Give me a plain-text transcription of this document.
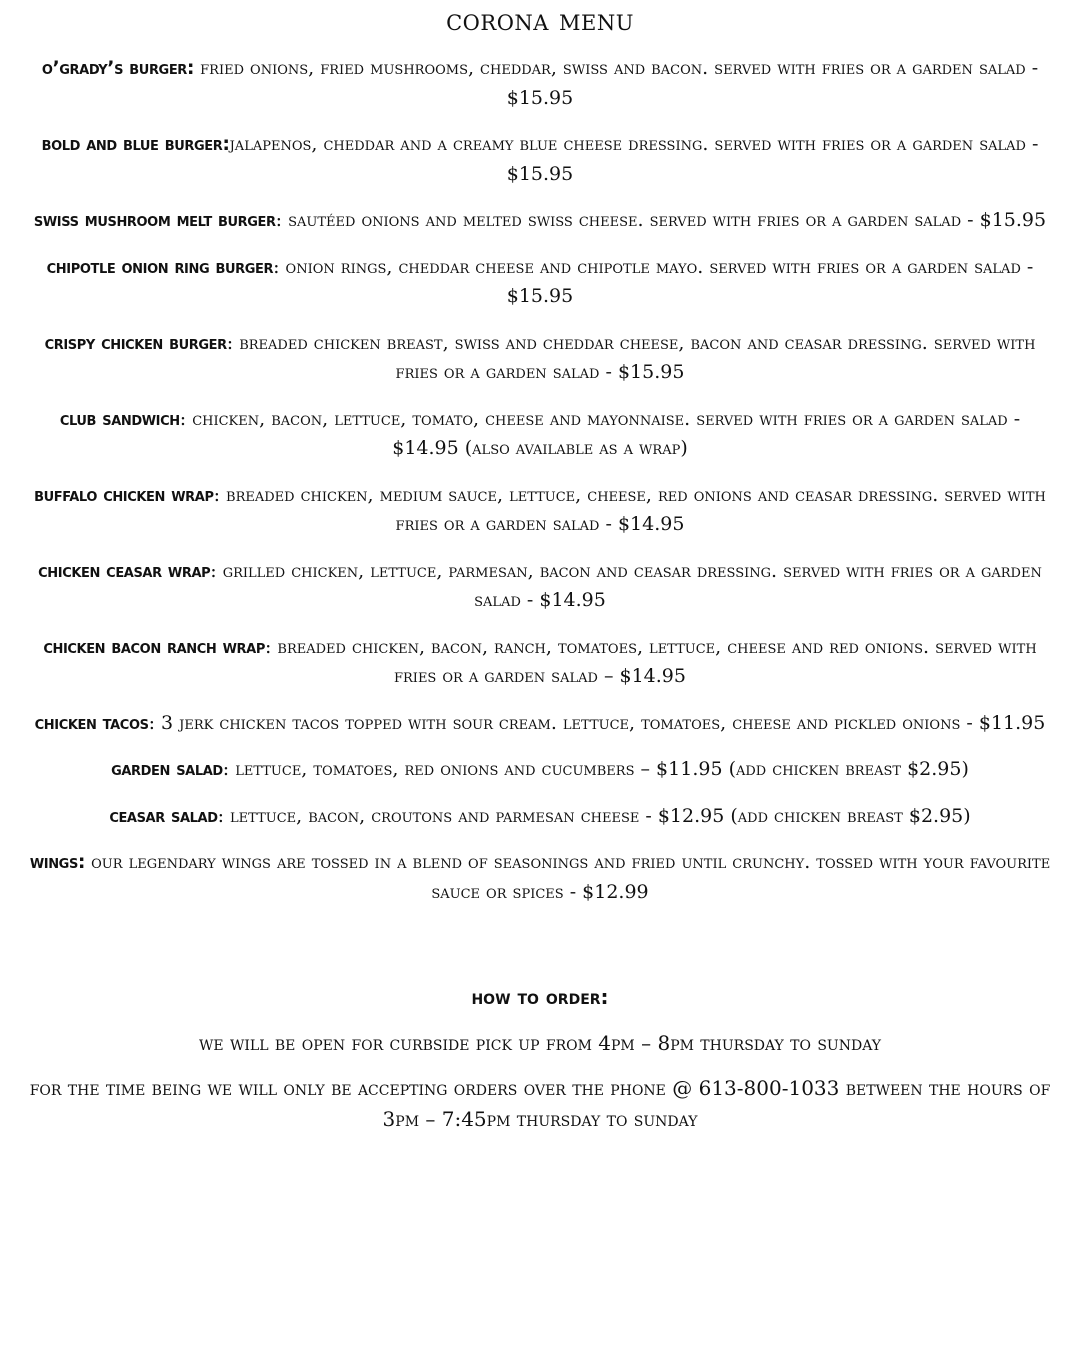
corona menu
o’grady’s burger: fried onions, fried mushrooms, cheddar, swiss and bacon. served with fries or a garden salad - $15.95
bold and blue burger:jalapenos, cheddar and a creamy blue cheese dressing. served with fries or a garden salad - $15.95
swiss mushroom melt burger: sautéed onions and melted swiss cheese. served with fries or a garden salad - $15.95
chipotle onion ring burger: onion rings, cheddar cheese and chipotle mayo. served with fries or a garden salad - $15.95
crispy chicken burger: breaded chicken breast, swiss and cheddar cheese, bacon and ceasar dressing. served with fries or a garden salad - $15.95
club sandwich: chicken, bacon, lettuce, tomato, cheese and mayonnaise. served with fries or a garden salad - $14.95 (also available as a wrap)
buffalo chicken wrap: breaded chicken, medium sauce, lettuce, cheese, red onions and ceasar dressing. served with fries or a garden salad - $14.95
chicken ceasar wrap: grilled chicken, lettuce, parmesan, bacon and ceasar dressing. served with fries or a garden salad - $14.95
chicken bacon ranch wrap: breaded chicken, bacon, ranch, tomatoes, lettuce, cheese and red onions. served with fries or a garden salad – $14.95
chicken tacos: 3 jerk chicken tacos topped with sour cream. lettuce, tomatoes, cheese and pickled onions - $11.95
garden salad: lettuce, tomatoes, red onions and cucumbers – $11.95 (add chicken breast $2.95)
ceasar salad: lettuce, bacon, croutons and parmesan cheese - $12.95 (add chicken breast $2.95)
wings: our legendary wings are tossed in a blend of seasonings and fried until crunchy. tossed with your favourite sauce or spices - $12.99
how to order:
we will be open for curbside pick up from 4pm – 8pm thursday to sunday
for the time being we will only be accepting orders over the phone @ 613-800-1033 between the hours of 3pm – 7:45pm thursday to sunday
